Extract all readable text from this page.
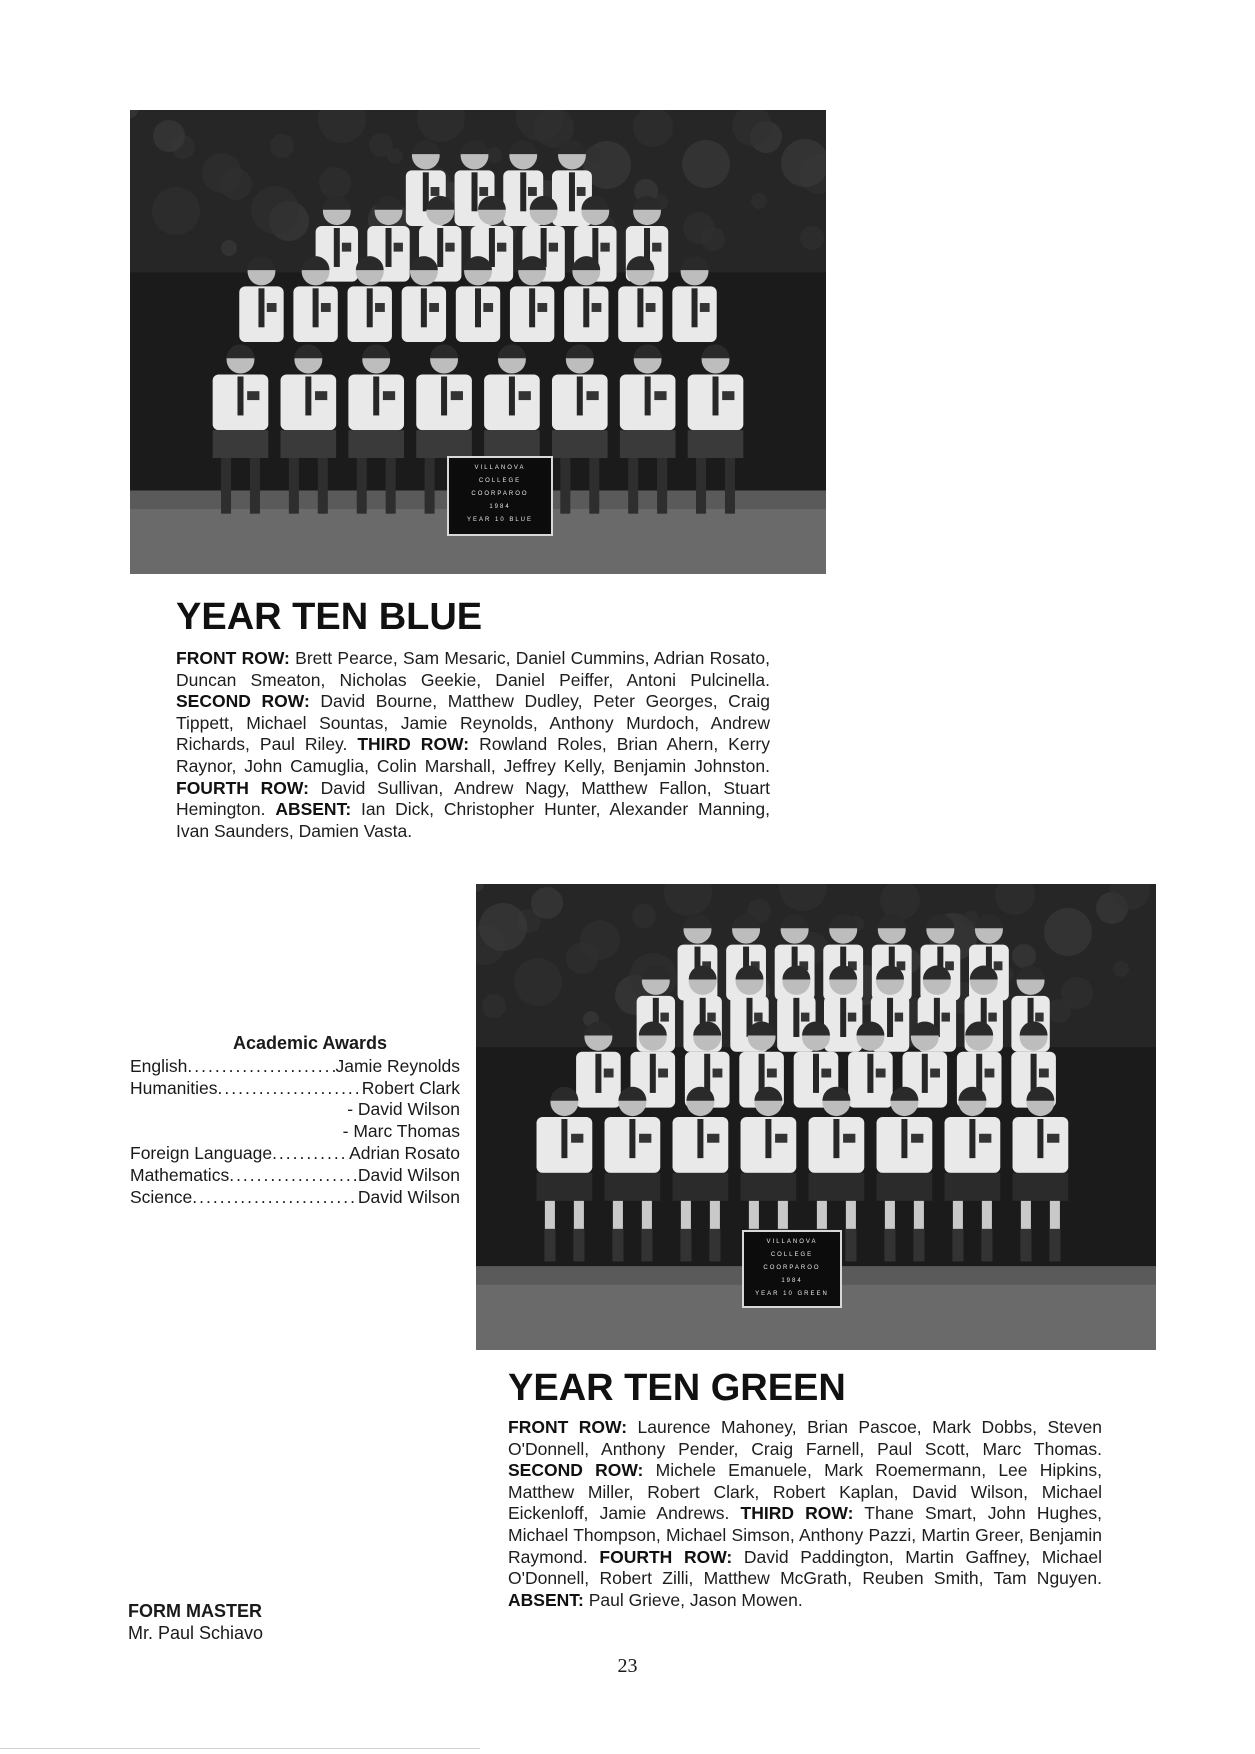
VILLANOVA
COLLEGE
COORPAROO
1984
YEAR 10 BLUE
YEAR TEN BLUE
FRONT ROW: Brett Pearce, Sam Mesaric, Daniel Cummins, Adrian Rosato, Duncan Smeaton, Nicholas Geekie, Daniel Peiffer, Antoni Pulcinella. SECOND ROW: David Bourne, Matthew Dudley, Peter Georges, Craig Tippett, Michael Sountas, Jamie Reynolds, Anthony Murdoch, Andrew Richards, Paul Riley. THIRD ROW: Rowland Roles, Brian Ahern, Kerry Raynor, John Camuglia, Colin Marshall, Jeffrey Kelly, Benjamin Johnston. FOURTH ROW: David Sullivan, Andrew Nagy, Matthew Fallon, Stuart Hemington. ABSENT: Ian Dick, Christopher Hunter, Alexander Manning, Ivan Saunders, Damien Vasta.
VILLANOVA
COLLEGE
COORPAROO
1984
YEAR 10 GREEN
Academic Awards
English .....	Jamie Reynolds
Humanities .....	Robert Clark
- David Wilson
- Marc Thomas
Foreign Language .....	Adrian Rosato
Mathematics .....	David Wilson
Science .....	David Wilson
YEAR TEN GREEN
FRONT ROW: Laurence Mahoney, Brian Pascoe, Mark Dobbs, Steven O'Donnell, Anthony Pender, Craig Farnell, Paul Scott, Marc Thomas. SECOND ROW: Michele Emanuele, Mark Roemermann, Lee Hipkins, Matthew Miller, Robert Clark, Robert Kaplan, David Wilson, Michael Eickenloff, Jamie Andrews. THIRD ROW: Thane Smart, John Hughes, Michael Thompson, Michael Simson, Anthony Pazzi, Martin Greer, Benjamin Raymond. FOURTH ROW: David Paddington, Martin Gaffney, Michael O'Donnell, Robert Zilli, Matthew McGrath, Reuben Smith, Tam Nguyen. ABSENT: Paul Grieve, Jason Mowen.
FORM MASTER
Mr. Paul Schiavo
23
